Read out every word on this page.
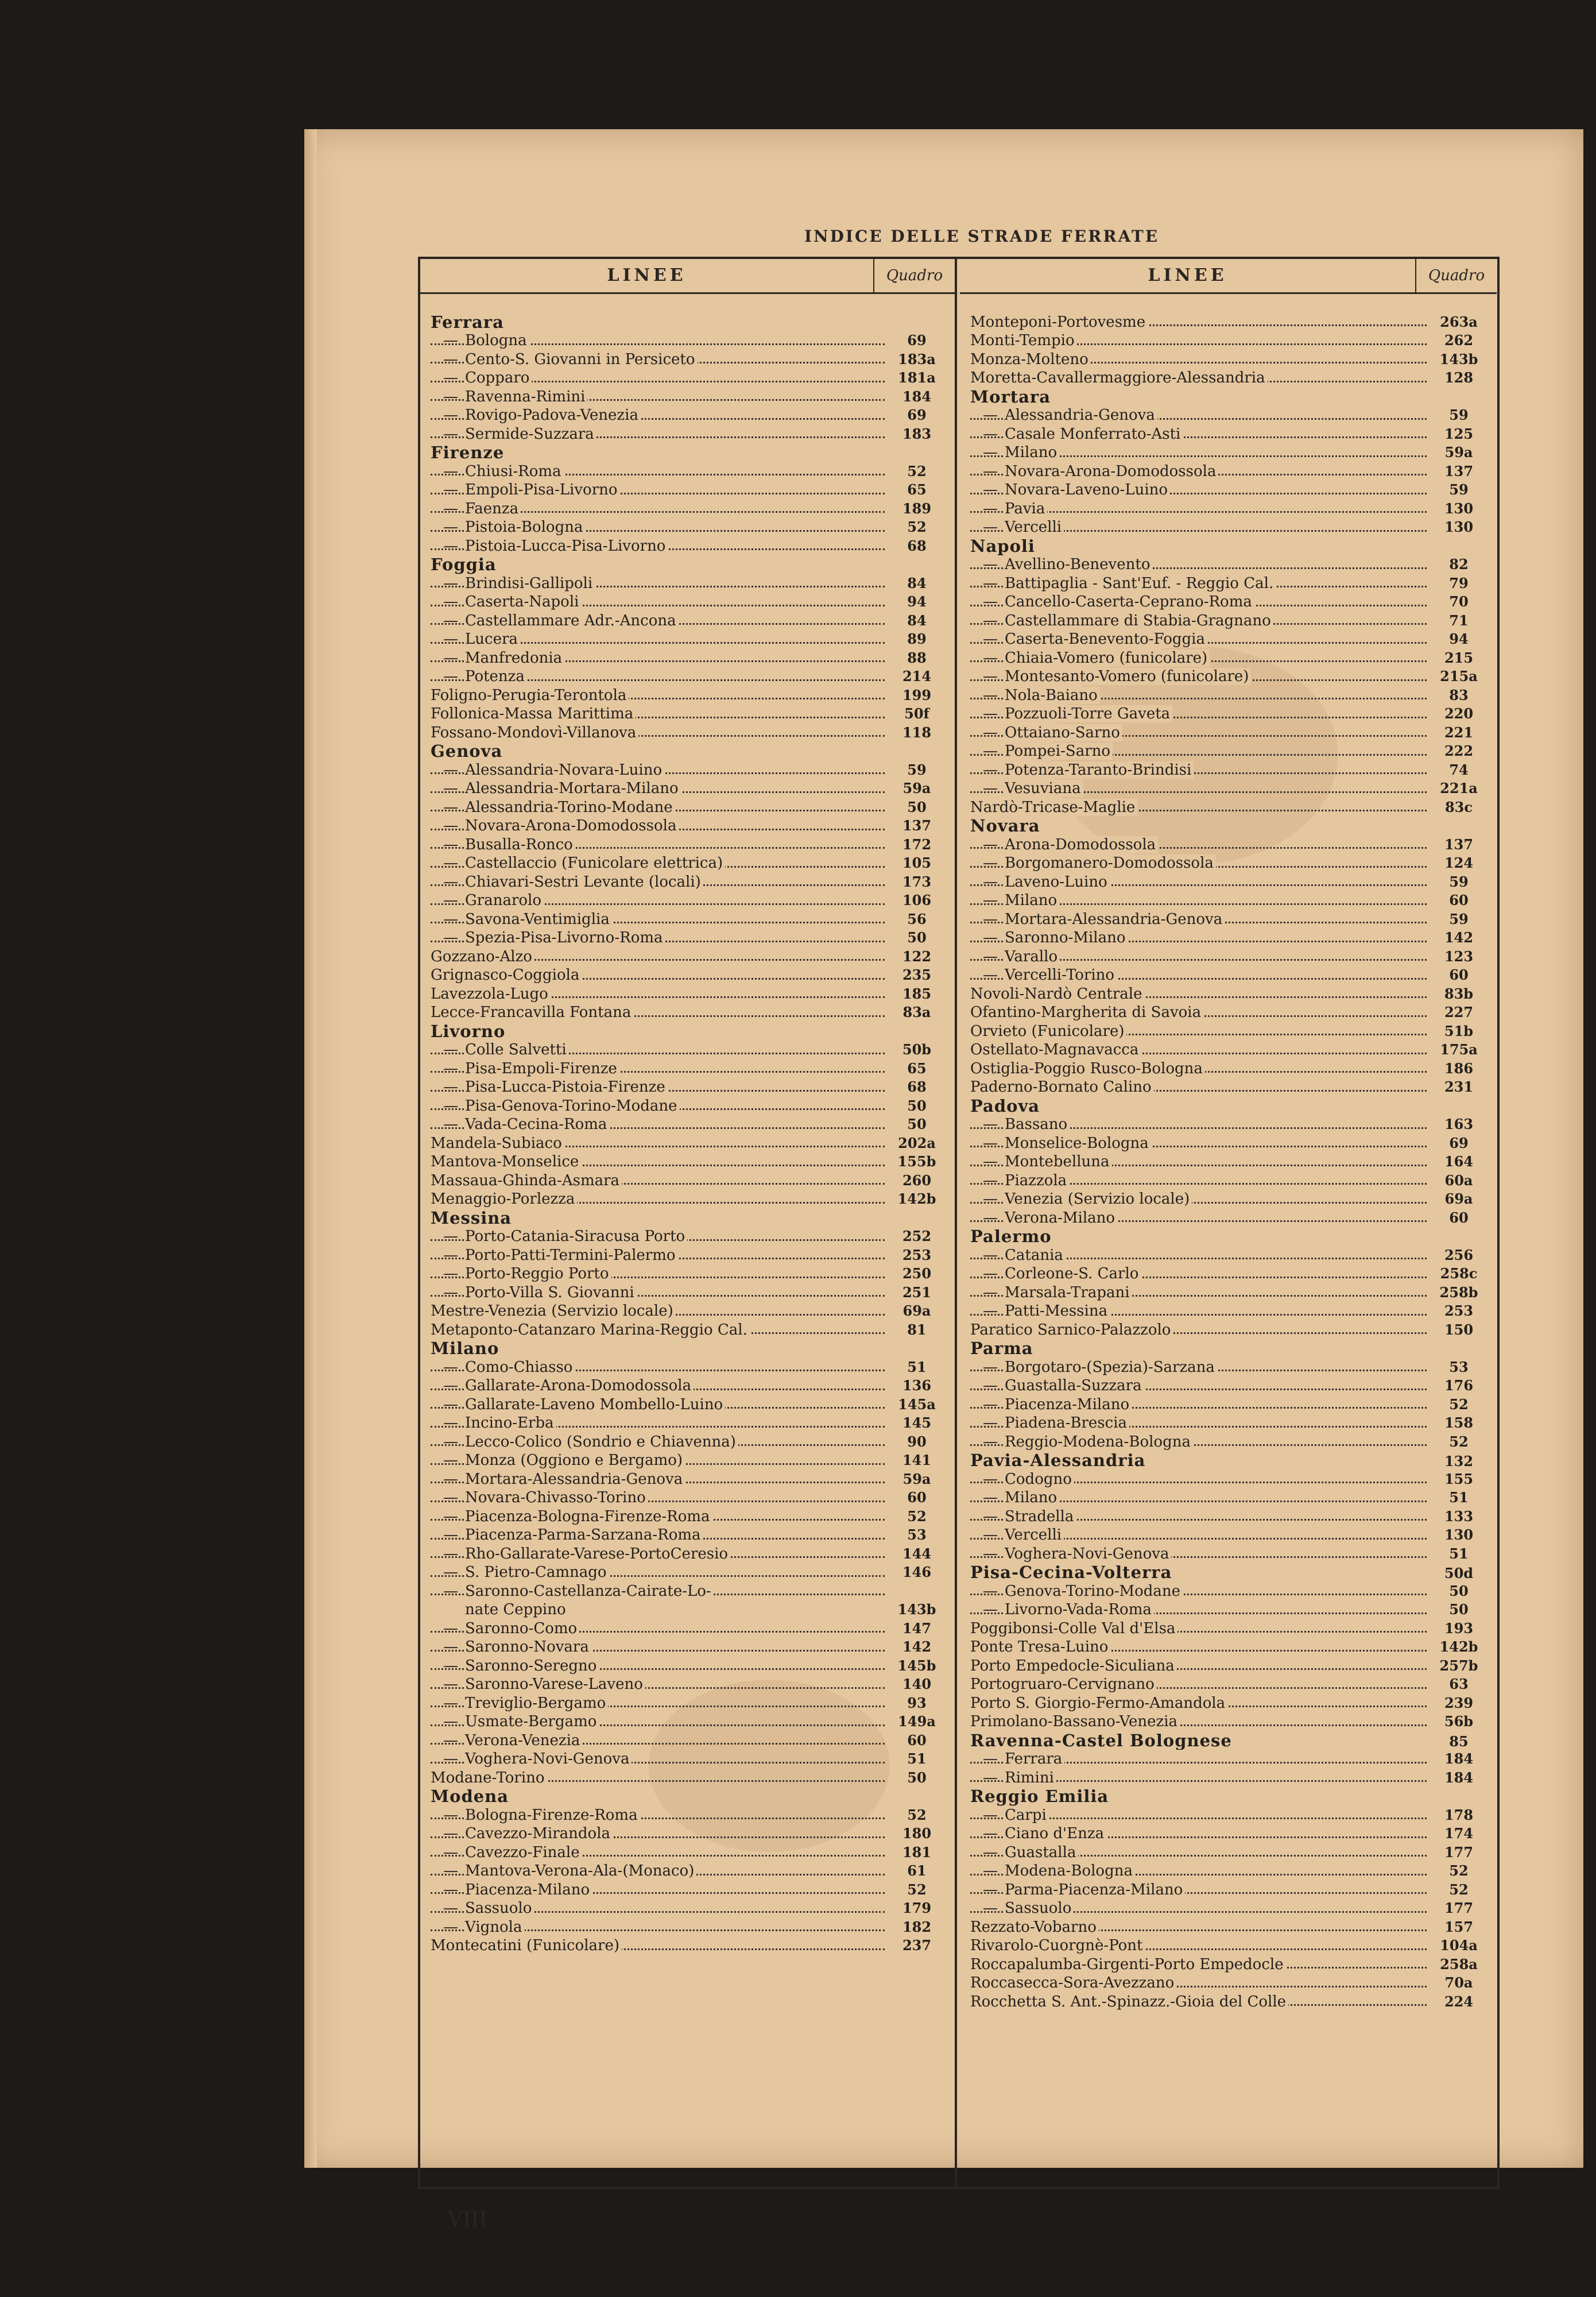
INDICE DELLE STRADE FERRATE
LINEE	Quadro
Ferrara
— Bologna	69
— Cento-S. Giovanni in Persiceto	183a
— Copparo	181a
— Ravenna-Rimini	184
— Rovigo-Padova-Venezia	69
— Sermide-Suzzara	183
Firenze
— Chiusi-Roma	52
— Empoli-Pisa-Livorno	65
— Faenza	189
— Pistoia-Bologna	52
— Pistoia-Lucca-Pisa-Livorno	68
Foggia
— Brindisi-Gallipoli	84
— Caserta-Napoli	94
— Castellammare Adr.-Ancona	84
— Lucera	89
— Manfredonia	88
— Potenza	214
Foligno-Perugia-Terontola	199
Follonica-Massa Marittima	50f
Fossano-Mondovì-Villanova	118
Genova
— Alessandria-Novara-Luino	59
— Alessandria-Mortara-Milano	59a
— Alessandria-Torino-Modane	50
— Novara-Arona-Domodossola	137
— Busalla-Ronco	172
— Castellaccio (Funicolare elettrica)	105
— Chiavari-Sestri Levante (locali)	173
— Granarolo	106
— Savona-Ventimiglia	56
— Spezia-Pisa-Livorno-Roma	50
Gozzano-Alzo	122
Grignasco-Coggiola	235
Lavezzola-Lugo	185
Lecce-Francavilla Fontana	83a
Livorno
— Colle Salvetti	50b
— Pisa-Empoli-Firenze	65
— Pisa-Lucca-Pistoia-Firenze	68
— Pisa-Genova-Torino-Modane	50
— Vada-Cecina-Roma	50
Mandela-Subiaco	202a
Mantova-Monselice	155b
Massaua-Ghinda-Asmara	260
Menaggio-Porlezza	142b
Messina
— Porto-Catania-Siracusa Porto	252
— Porto-Patti-Termini-Palermo	253
— Porto-Reggio Porto	250
— Porto-Villa S. Giovanni	251
Mestre-Venezia (Servizio locale)	69a
Metaponto-Catanzaro Marina-Reggio Cal.	81
Milano
— Como-Chiasso	51
— Gallarate-Arona-Domodossola	136
— Gallarate-Laveno Mombello-Luino	145a
— Incino-Erba	145
— Lecco-Colico (Sondrio e Chiavenna)	90
— Monza (Oggiono e Bergamo)	141
— Mortara-Alessandria-Genova	59a
— Novara-Chivasso-Torino	60
— Piacenza-Bologna-Firenze-Roma	52
— Piacenza-Parma-Sarzana-Roma	53
— Rho-Gallarate-Varese-PortoCeresio	144
— S. Pietro-Camnago	146
— Saronno-Castellanza-Cairate-Lo-
nate Ceppino	143b
— Saronno-Como	147
— Saronno-Novara	142
— Saronno-Seregno	145b
— Saronno-Varese-Laveno	140
— Treviglio-Bergamo	93
— Usmate-Bergamo	149a
— Verona-Venezia	60
— Voghera-Novi-Genova	51
Modane-Torino	50
Modena
— Bologna-Firenze-Roma	52
— Cavezzo-Mirandola	180
— Cavezzo-Finale	181
— Mantova-Verona-Ala-(Monaco)	61
— Piacenza-Milano	52
— Sassuolo	179
— Vignola	182
Montecatini (Funicolare)	237
LINEE	Quadro
Monteponi-Portovesme	263a
Monti-Tempio	262
Monza-Molteno	143b
Moretta-Cavallermaggiore-Alessandria	128
Mortara
— Alessandria-Genova	59
— Casale Monferrato-Asti	125
— Milano	59a
— Novara-Arona-Domodossola	137
— Novara-Laveno-Luino	59
— Pavia	130
— Vercelli	130
Napoli
— Avellino-Benevento	82
— Battipaglia - Sant'Euf. - Reggio Cal.	79
— Cancello-Caserta-Ceprano-Roma	70
— Castellammare di Stabia-Gragnano	71
— Caserta-Benevento-Foggia	94
— Chiaia-Vomero (funicolare)	215
— Montesanto-Vomero (funicolare)	215a
— Nola-Baiano	83
— Pozzuoli-Torre Gaveta	220
— Ottaiano-Sarno	221
— Pompei-Sarno	222
— Potenza-Taranto-Brindisi	74
— Vesuviana	221a
Nardò-Tricase-Maglie	83c
Novara
— Arona-Domodossola	137
— Borgomanero-Domodossola	124
— Laveno-Luino	59
— Milano	60
— Mortara-Alessandria-Genova	59
— Saronno-Milano	142
— Varallo	123
— Vercelli-Torino	60
Novoli-Nardò Centrale	83b
Ofantino-Margherita di Savoia	227
Orvieto (Funicolare)	51b
Ostellato-Magnavacca	175a
Ostiglia-Poggio Rusco-Bologna	186
Paderno-Bornato Calino	231
Padova
— Bassano	163
— Monselice-Bologna	69
— Montebelluna	164
— Piazzola	60a
— Venezia (Servizio locale)	69a
— Verona-Milano	60
Palermo
— Catania	256
— Corleone-S. Carlo	258c
— Marsala-Trapani	258b
— Patti-Messina	253
Paratico Sarnico-Palazzolo	150
Parma
— Borgotaro-(Spezia)-Sarzana	53
— Guastalla-Suzzara	176
— Piacenza-Milano	52
— Piadena-Brescia	158
— Reggio-Modena-Bologna	52
Pavia-Alessandria	132
— Codogno	155
— Milano	51
— Stradella	133
— Vercelli	130
— Voghera-Novi-Genova	51
Pisa-Cecina-Volterra	50d
— Genova-Torino-Modane	50
— Livorno-Vada-Roma	50
Poggibonsi-Colle Val d'Elsa	193
Ponte Tresa-Luino	142b
Porto Empedocle-Siculiana	257b
Portogruaro-Cervignano	63
Porto S. Giorgio-Fermo-Amandola	239
Primolano-Bassano-Venezia	56b
Ravenna-Castel Bolognese	85
— Ferrara	184
— Rimini	184
Reggio Emilia
— Carpi	178
— Ciano d'Enza	174
— Guastalla	177
— Modena-Bologna	52
— Parma-Piacenza-Milano	52
— Sassuolo	177
Rezzato-Vobarno	157
Rivarolo-Cuorgnè-Pont	104a
Roccapalumba-Girgenti-Porto Empedocle	258a
Roccasecca-Sora-Avezzano	70a
Rocchetta S. Ant.-Spinazz.-Gioia del Colle	224
VIII
